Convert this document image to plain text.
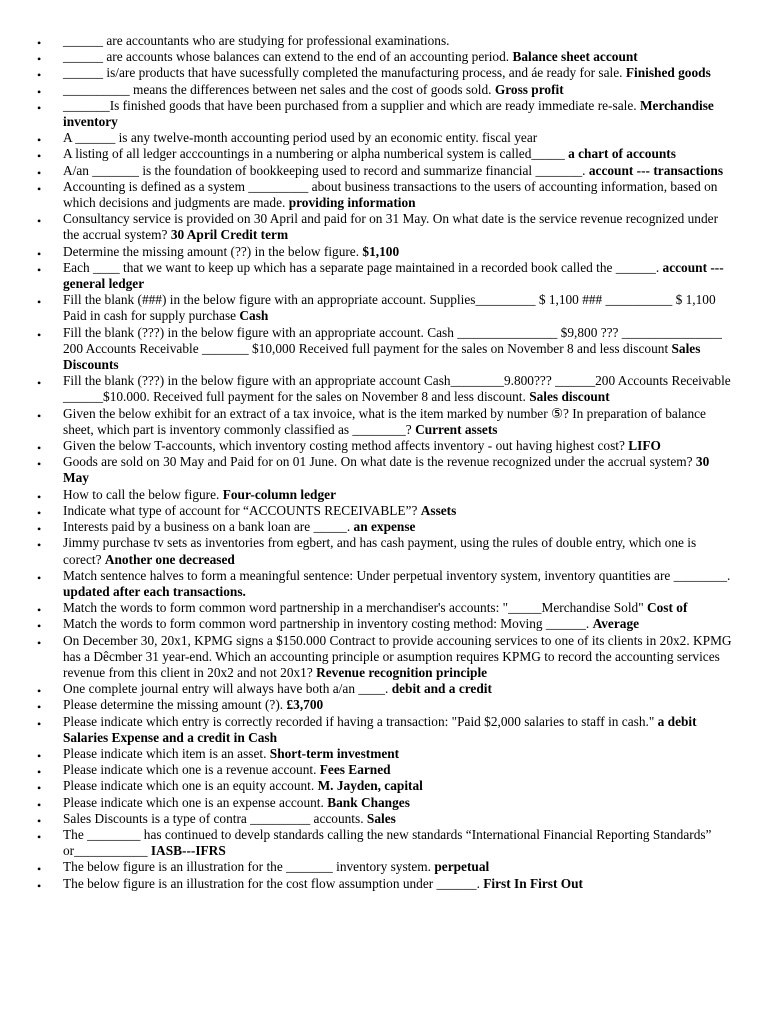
• ______ are accountants who are studying for professional examinations.
• ______ are accounts whose balances can extend to the end of an accounting period. Balance sheet account
• ______ is/are products that have sucessfully completed the manufacturing process, and áe ready for sale. Finished goods
• __________ means the differences between net sales and the cost of goods sold. Gross profit
• _______Is finished goods that have been purchased from a supplier and which are ready immediate re-sale. Merchandise inventory
• A ______ is any twelve-month accounting period used by an economic entity. fiscal year
• A listing of all ledger acccountings in a numbering or alpha numberical system is called_____ a chart of accounts
• A/an _______ is the foundation of bookkeeping used to record and summarize financial _______. account --- transactions
• Accounting is defined as a system _________ about business transactions to the users of accounting information, based on which decisions and judgments are made. providing information
• Consultancy service is provided on 30 April and paid for on 31 May. On what date is the service revenue recognized under the accrual system? 30 April Credit term
• Determine the missing amount (??) in the below figure. $1,100
• Each ____ that we want to keep up which has a separate page maintained in a recorded book called the ______. account --- general ledger
• Fill the blank (###) in the below figure with an appropriate account. Supplies_________ $ 1,100 ### __________ $ 1,100 Paid in cash for supply purchase Cash
• Fill the blank (???) in the below figure with an appropriate account. Cash _______________ $9,800 ??? _______________ 200 Accounts Receivable _______ $10,000 Received full payment for the sales on November 8 and less discount Sales Discounts
• Fill the blank (???) in the below figure with an appropriate account Cash________9.800??? ______200 Accounts Receivable ______$10.000. Received full payment for the sales on November 8 and less discount. Sales discount
• Given the below exhibit for an extract of a tax invoice, what is the item marked by number ⑤? In preparation of balance sheet, which part is inventory commonly classified as ________? Current assets
• Given the below T-accounts, which inventory costing method affects inventory - out having highest cost? LIFO
• Goods are sold on 30 May and Paid for on 01 June. On what date is the revenue recognized under the accrual system? 30 May
• How to call the below figure. Four-column ledger
• Indicate what type of account for “ACCOUNTS RECEIVABLE”? Assets
• Interests paid by a business on a bank loan are _____. an expense
• Jimmy purchase tv sets as inventories from egbert, and has cash payment, using the rules of double entry, which one is corect? Another one decreased
• Match sentence halves to form a meaningful sentence: Under perpetual inventory system, inventory quantities are ________. updated after each transactions.
• Match the words to form common word partnership in a merchandiser's accounts: "_____Merchandise Sold" Cost of
• Match the words to form common word partnership in inventory costing method: Moving ______. Average
• On December 30, 20x1, KPMG signs a $150.000 Contract to provide accouning services to one of its clients in 20x2. KPMG has a Dêcmber 31 year-end. Which an accounting principle or asumption requires KPMG to record the accounting services revenue from this client in 20x2 and not 20x1? Revenue recognition principle
• One complete journal entry will always have both a/an ____. debit and a credit
• Please determine the missing amount (?). £3,700
• Please indicate which entry is correctly recorded if having a transaction: "Paid $2,000 salaries to staff in cash." a debit Salaries Expense and a credit in Cash
• Please indicate which item is an asset. Short-term investment
• Please indicate which one is a revenue account. Fees Earned
• Please indicate which one is an equity account. M. Jayden, capital
• Please indicate which one is an expense account. Bank Changes
• Sales Discounts is a type of contra _________ accounts. Sales
• The ________ has continued to develp standards calling the new standards “International Financial Reporting Standards” or___________ IASB---IFRS
• The below figure is an illustration for the _______ inventory system. perpetual
• The below figure is an illustration for the cost flow assumption under ______. First In First Out
